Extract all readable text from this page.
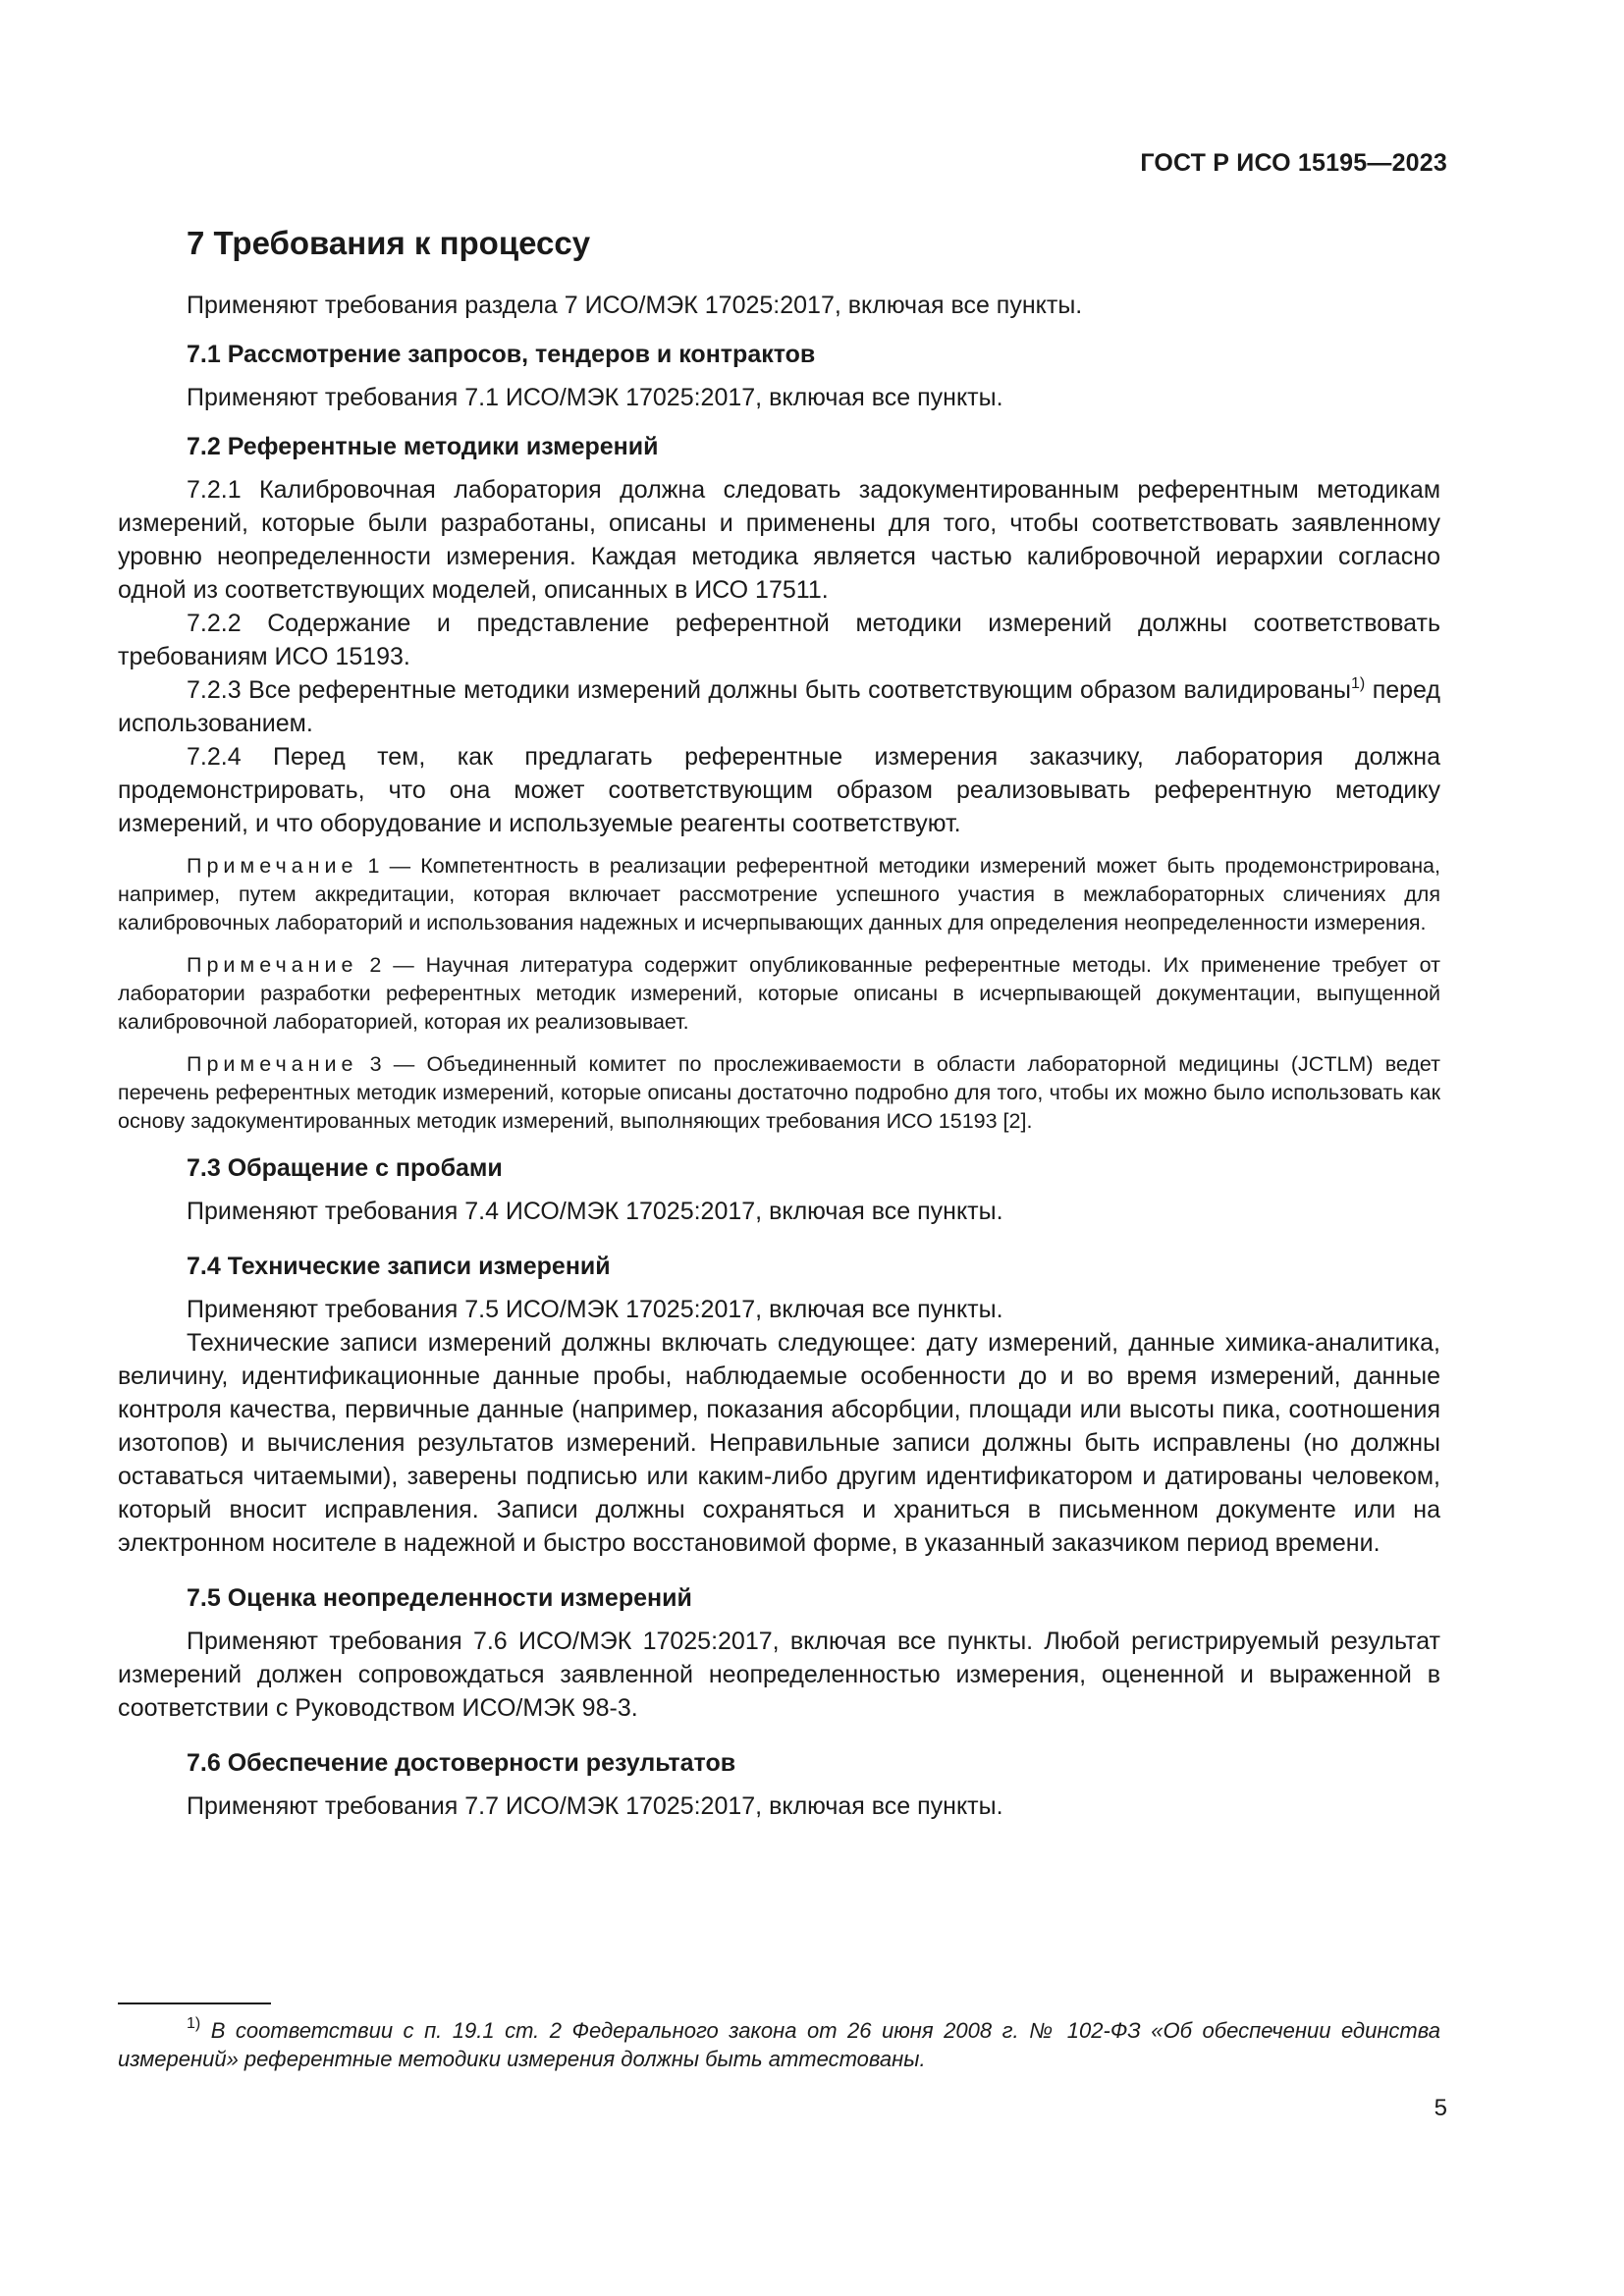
ГОСТ Р ИСО 15195—2023
7 Требования к процессу

Применяют требования раздела 7 ИСО/МЭК 17025:2017, включая все пункты.

7.1 Рассмотрение запросов, тендеров и контрактов

Применяют требования 7.1 ИСО/МЭК 17025:2017, включая все пункты.

7.2 Референтные методики измерений

7.2.1 Калибровочная лаборатория должна следовать задокументированным референтным методикам измерений, которые были разработаны, описаны и применены для того, чтобы соответствовать заявленному уровню неопределенности измерения. Каждая методика является частью калибровочной иерархии согласно одной из соответствующих моделей, описанных в ИСО 17511.

7.2.2 Содержание и представление референтной методики измерений должны соответствовать требованиям ИСО 15193.

7.2.3 Все референтные методики измерений должны быть соответствующим образом валидированы$^{1)}$ перед использованием.

7.2.4 Перед тем, как предлагать референтные измерения заказчику, лаборатория должна продемонстрировать, что она может соответствующим образом реализовывать референтную методику измерений, и что оборудование и используемые реагенты соответствуют.

Примечание 1 — Компетентность в реализации референтной методики измерений может быть продемонстрирована, например, путем аккредитации, которая включает рассмотрение успешного участия в межлабораторных сличениях для калибровочных лабораторий и использования надежных и исчерпывающих данных для определения неопределенности измерения.
Примечание 2 — Научная литература содержит опубликованные референтные методы. Их применение требует от лаборатории разработки референтных методик измерений, которые описаны в исчерпывающей документации, выпущенной калибровочной лабораторией, которая их реализовывает.
Примечание 3 — Объединенный комитет по прослеживаемости в области лабораторной медицины (JCTLM) ведет перечень референтных методик измерений, которые описаны достаточно подробно для того, чтобы их можно было использовать как основу задокументированных методик измерений, выполняющих требования ИСО 15193 [2].
7.3 Обращение с пробами

Применяют требования 7.4 ИСО/МЭК 17025:2017, включая все пункты.

7.4 Технические записи измерений

Применяют требования 7.5 ИСО/МЭК 17025:2017, включая все пункты.

Технические записи измерений должны включать следующее: дату измерений, данные химика-аналитика, величину, идентификационные данные пробы, наблюдаемые особенности до и во время измерений, данные контроля качества, первичные данные (например, показания абсорбции, площади или высоты пика, соотношения изотопов) и вычисления результатов измерений. Неправильные записи должны быть исправлены (но должны оставаться читаемыми), заверены подписью или каким-либо другим идентификатором и датированы человеком, который вносит исправления. Записи должны сохраняться и храниться в письменном документе или на электронном носителе в надежной и быстро восстановимой форме, в указанный заказчиком период времени.

7.5 Оценка неопределенности измерений

Применяют требования 7.6 ИСО/МЭК 17025:2017, включая все пункты. Любой регистрируемый результат измерений должен сопровождаться заявленной неопределенностью измерения, оцененной и выраженной в соответствии с Руководством ИСО/МЭК 98-3.

7.6 Обеспечение достоверности результатов

Применяют требования 7.7 ИСО/МЭК 17025:2017, включая все пункты.

$^{1)}$ В соответствии с п. 19.1 ст. 2 Федерального закона от 26 июня 2008 г. № 102-ФЗ «Об обеспечении единства измерений» референтные методики измерения должны быть аттестованы.
5
